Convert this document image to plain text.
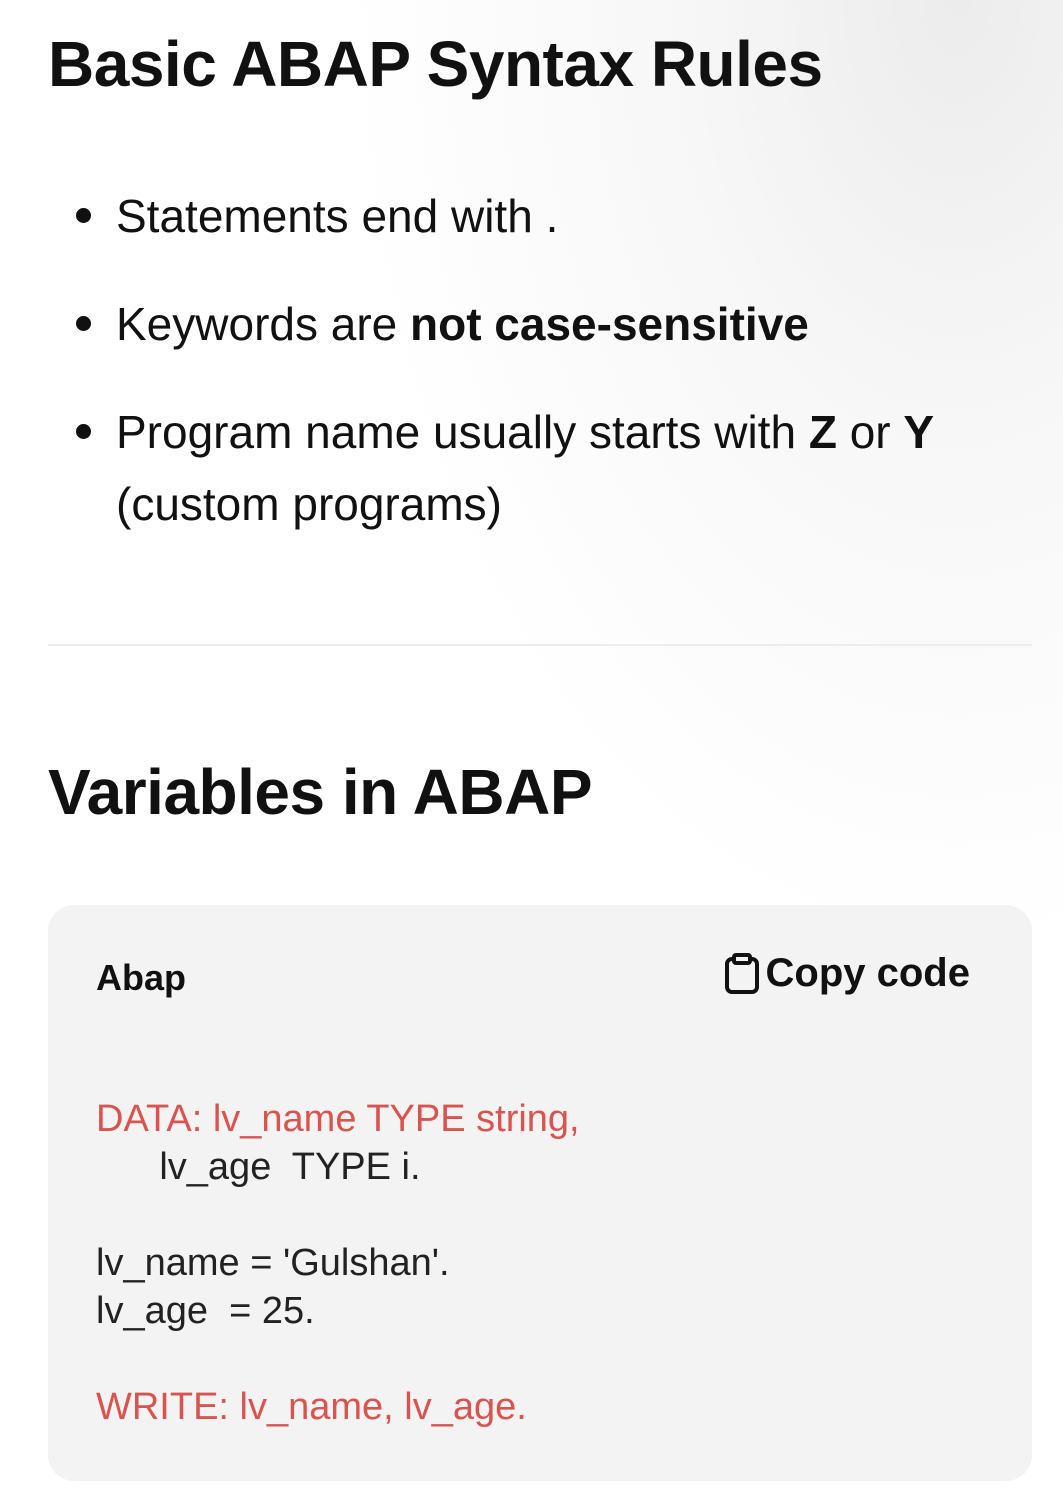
Basic ABAP Syntax Rules
Statements end with .
Keywords are not case-sensitive
Program name usually starts with Z or Y
(custom programs)
Variables in ABAP
Abap	Copy code
DATA: lv_name TYPE string,
lv_age  TYPE i.
lv_name = 'Gulshan'.
lv_age  = 25.
WRITE: lv_name, lv_age.
